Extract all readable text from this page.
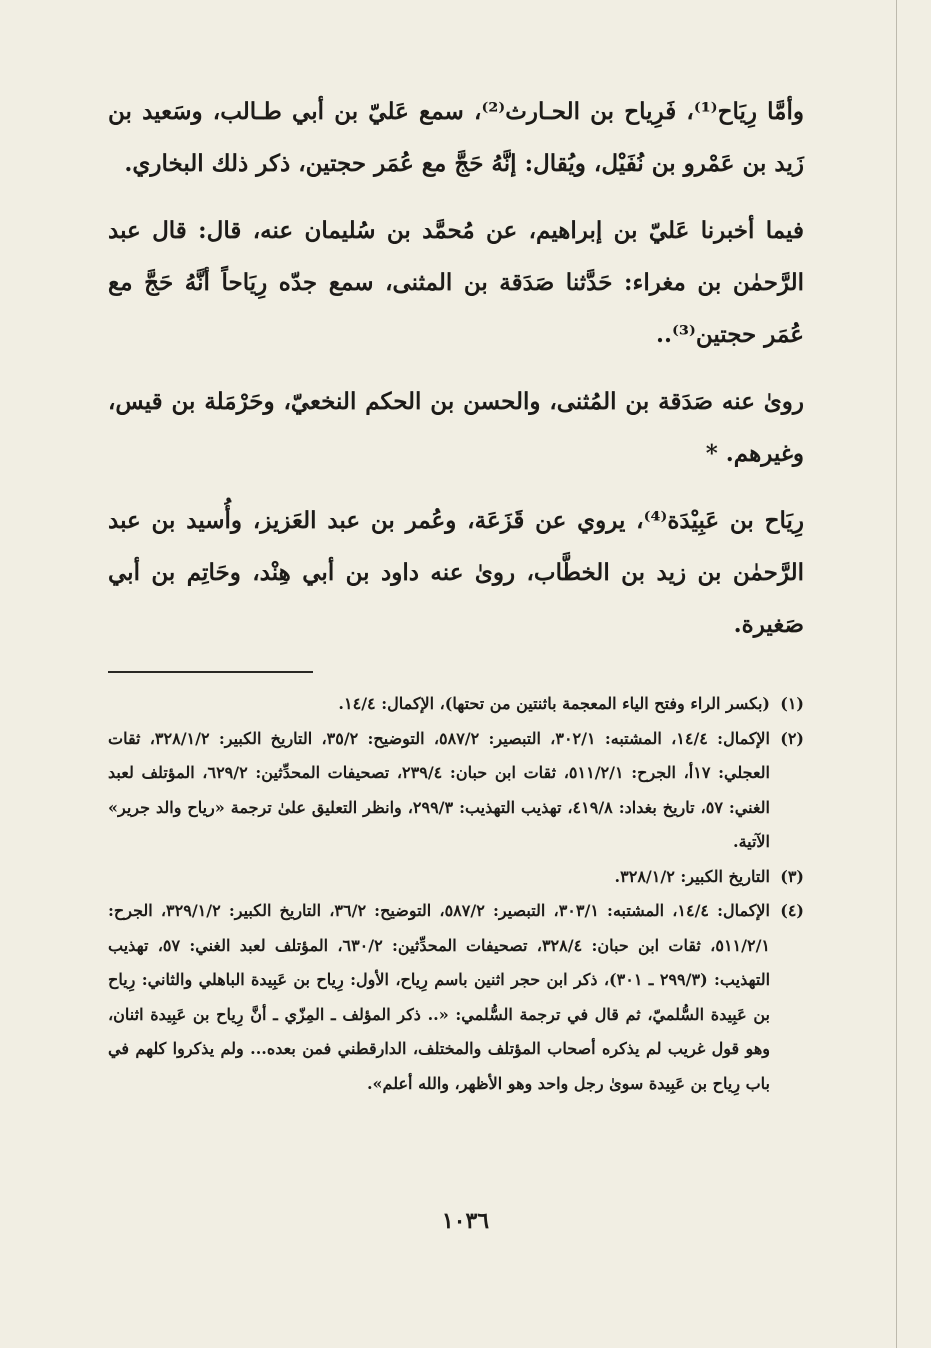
وأمَّا رِيَاح⁽¹⁾، فَرِياح بن الحـارث⁽²⁾، سمع عَليّ بن أبي طـالب، وسَعيد بن زَيد بن عَمْرو بن نُفَيْل، ويُقال: إنَّهُ حَجَّ مع عُمَر حجتين، ذكر ذلك البخاري.

فيما أخبرنا عَليّ بن إبراهيم، عن مُحمَّد بن سُليمان عنه، قال: قال عبد الرَّحمٰن بن مغراء: حَدَّثنا صَدَقة بن المثنى، سمع جدّه رِيَاحاً أنَّهُ حَجَّ مع عُمَر حجتين⁽³⁾..

روىٰ عنه صَدَقة بن المُثنى، والحسن بن الحكم النخعيّ، وحَرْمَلة بن قيس، وغيرهم. *

رِيَاح بن عَبِيْدَة⁽⁴⁾، يروي عن قَزَعَة، وعُمر بن عبد العَزيز، وأُسيد بن عبد الرَّحمٰن بن زيد بن الخطَّاب، روىٰ عنه داود بن أبي هِنْد، وحَاتِم بن أبي صَغيرة.

(١)
(بكسر الراء وفتح الياء المعجمة باثنتين من تحتها)، الإكمال: ١٤/٤.
(٢)
الإكمال: ١٤/٤، المشتبه: ٣٠٢/١، التبصير: ٥٨٧/٢، التوضيح: ٣٥/٢، التاريخ الكبير: ٣٢٨/١/٢، ثقات العجلي: ١٧أ، الجرح: ٥١١/٢/١، ثقات ابن حبان: ٢٣٩/٤، تصحيفات المحدِّثين: ٦٢٩/٢، المؤتلف لعبد الغني: ٥٧، تاريخ بغداد: ٤١٩/٨، تهذيب التهذيب: ٢٩٩/٣، وانظر التعليق علىٰ ترجمة «رياح والد جرير» الآتية.
(٣)
التاريخ الكبير: ٣٢٨/١/٢.
(٤)
الإكمال: ١٤/٤، المشتبه: ٣٠٣/١، التبصير: ٥٨٧/٢، التوضيح: ٣٦/٢، التاريخ الكبير: ٣٢٩/١/٢، الجرح: ٥١١/٢/١، ثقات ابن حبان: ٣٢٨/٤، تصحيفات المحدِّثين: ٦٣٠/٢، المؤتلف لعبد الغني: ٥٧، تهذيب التهذيب: (٢٩٩/٣ ـ ٣٠١)، ذكر ابن حجر اثنين باسم رِياح، الأول: رِياح بن عَبِيدة الباهلي والثاني: رِياح بن عَبِيدة السُّلميّ، ثم قال في ترجمة السُّلمي: «.. ذكر المؤلف ـ المِزّي ـ أنَّ رِياح بن عَبِيدة اثنان، وهو قول غريب لم يذكره أصحاب المؤتلف والمختلف، الدارقطني فمن بعده... ولم يذكروا كلهم في باب رِياح بن عَبِيدة سوىٰ رجل واحد وهو الأظهر، والله أعلم».
١٠٣٦
